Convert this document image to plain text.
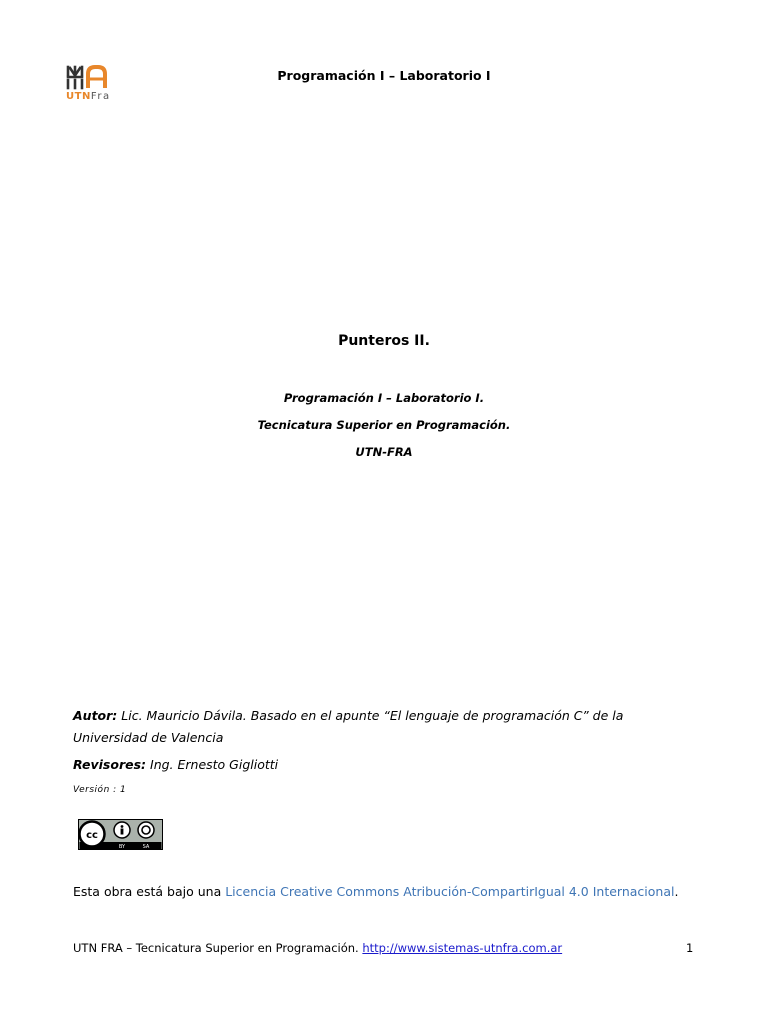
UTNFra
Programación I – Laboratorio I
Punteros II.
Programación I – Laboratorio I.
Tecnicatura Superior en Programación.
UTN-FRA
Autor: Lic. Mauricio Dávila. Basado en el apunte “El lenguaje de programación C” de la Universidad de Valencia
Revisores: Ing. Ernesto Gigliotti
Versión : 1
cc
BY	SA
Esta obra está bajo una Licencia Creative Commons Atribución-CompartirIgual 4.0 Internacional.
UTN FRA – Tecnicatura Superior en Programación. http://www.sistemas-utnfra.com.ar	1
